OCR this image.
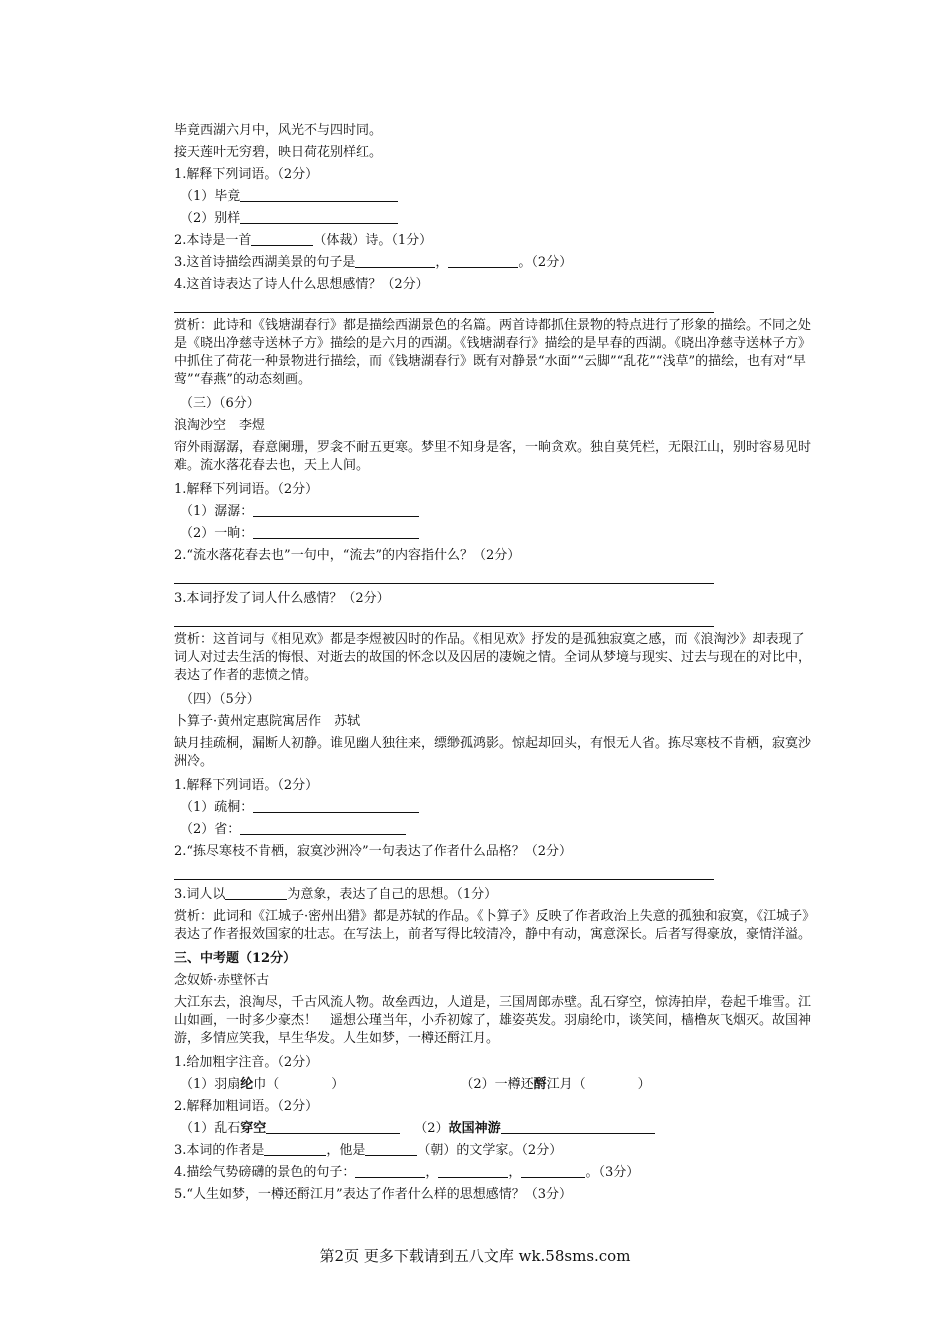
毕竟西湖六月中，风光不与四时同。
接天莲叶无穷碧，映日荷花别样红。
1.解释下列词语。（2分）
（1）毕竟
（2）别样
2.本诗是一首	（体裁）诗。（1分）
3.这首诗描绘西湖美景的句子是	，	。（2分）
4.这首诗表达了诗人什么思想感情？（2分）
赏析：此诗和《钱塘湖春行》都是描绘西湖景色的名篇。两首诗都抓住景物的特点进行了形象的描绘。不同之处是《晓出净慈寺送林子方》描绘的是六月的西湖。《钱塘湖春行》描绘的是早春的西湖。《晓出净慈寺送林子方》中抓住了荷花一种景物进行描绘，而《钱塘湖春行》既有对静景“水面”“云脚”“乱花”“浅草”的描绘，也有对“早莺”“春燕”的动态刻画。
（三）（6分）
浪淘沙空　李煜
帘外雨潺潺，春意阑珊，罗衾不耐五更寒。梦里不知身是客，一晌贪欢。独自莫凭栏，无限江山，别时容易见时难。流水落花春去也，天上人间。
1.解释下列词语。（2分）
（1）潺潺：
（2）一晌：
2.“流水落花春去也”一句中，“流去”的内容指什么？（2分）
3.本词抒发了词人什么感情？（2分）
赏析：这首词与《相见欢》都是李煜被囚时的作品。《相见欢》抒发的是孤独寂寞之感，而《浪淘沙》却表现了词人对过去生活的悔恨、对逝去的故国的怀念以及囚居的凄婉之情。全词从梦境与现实、过去与现在的对比中，表达了作者的悲愤之情。
（四）（5分）
卜算子·黄州定惠院寓居作　苏轼
缺月挂疏桐，漏断人初静。谁见幽人独往来，缥缈孤鸿影。惊起却回头，有恨无人省。拣尽寒枝不肯栖，寂寞沙洲冷。
1.解释下列词语。（2分）
（1）疏桐：
（2）省：
2.“拣尽寒枝不肯栖，寂寞沙洲冷”一句表达了作者什么品格？（2分）
3.词人以	为意象，表达了自己的思想。（1分）
赏析：此词和《江城子·密州出猎》都是苏轼的作品。《卜算子》反映了作者政治上失意的孤独和寂寞，《江城子》表达了作者报效国家的壮志。在写法上，前者写得比较清冷，静中有动，寓意深长。后者写得豪放，豪情洋溢。
三、中考题（12分）
念奴娇·赤壁怀古
大江东去，浪淘尽，千古风流人物。故垒西边，人道是，三国周郎赤壁。乱石穿空，惊涛拍岸，卷起千堆雪。江山如画，一时多少豪杰！　遥想公瑾当年，小乔初嫁了，雄姿英发。羽扇纶巾，谈笑间，樯橹灰飞烟灭。故国神游，多情应笑我，早生华发。人生如梦，一樽还酹江月。
1.给加粗字注音。（2分）
（1）羽扇纶巾（　　　　）	（2）一樽还酹江月（　　　　）
2.解释加粗词语。（2分）
（1）乱石穿空	（2）故国神游
3.本词的作者是	，他是	（朝）的文学家。（2分）
4.描绘气势磅礴的景色的句子：	，	，	。（3分）
5.“人生如梦，一樽还酹江月”表达了作者什么样的思想感情？（3分）
第2页 更多下载请到五八文库 wk.58sms.com
